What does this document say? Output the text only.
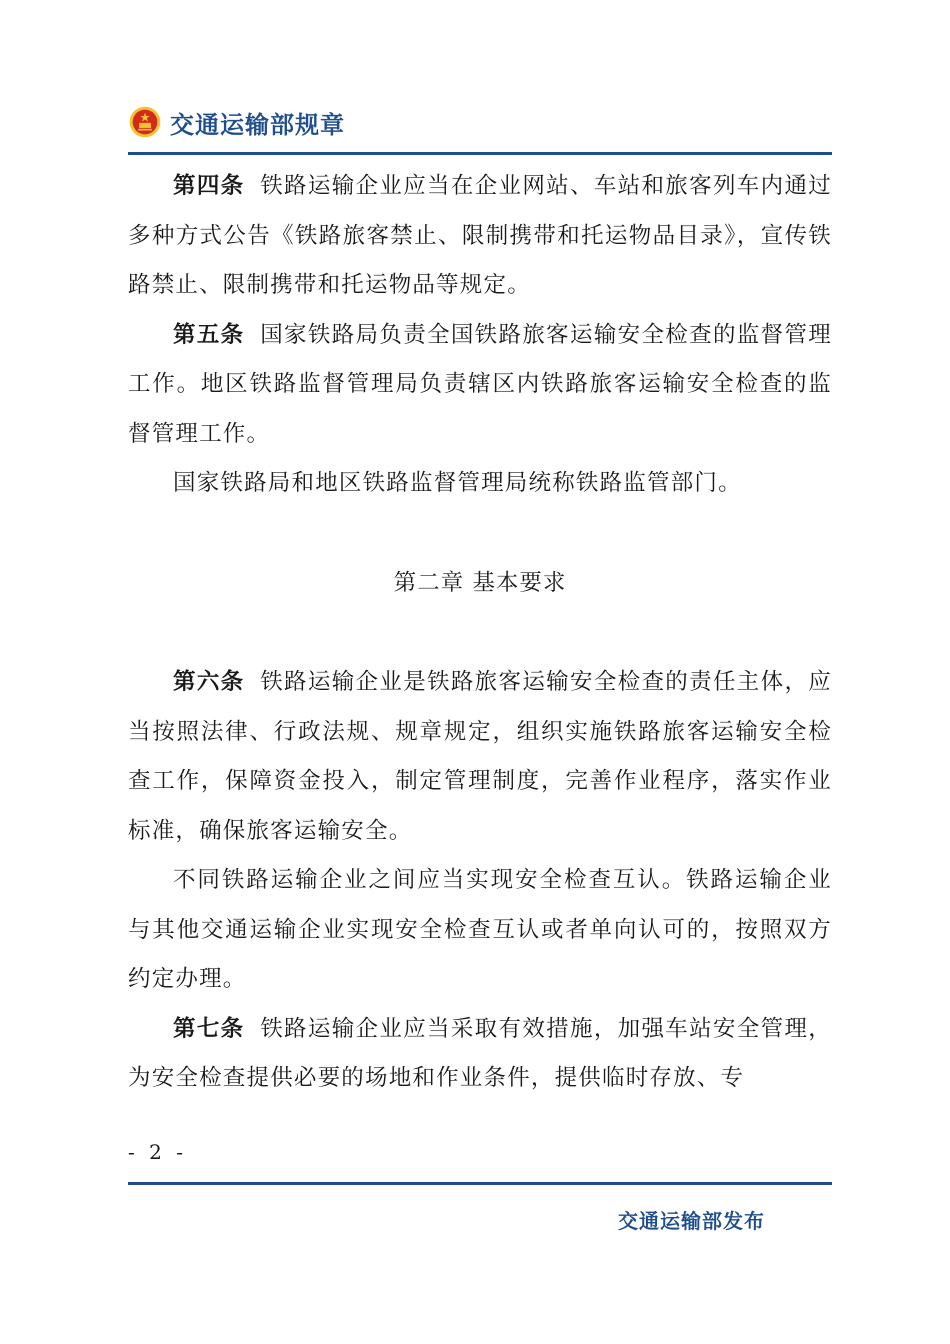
交通运输部规章

第四条 铁路运输企业应当在企业网站、车站和旅客列车内通过多种方式公告《铁路旅客禁止、限制携带和托运物品目录》，宣传铁路禁止、限制携带和托运物品等规定。

第五条 国家铁路局负责全国铁路旅客运输安全检查的监督管理工作。地区铁路监督管理局负责辖区内铁路旅客运输安全检查的监督管理工作。

国家铁路局和地区铁路监督管理局统称铁路监管部门。

第二章 基本要求

第六条 铁路运输企业是铁路旅客运输安全检查的责任主体，应当按照法律、行政法规、规章规定，组织实施铁路旅客运输安全检查工作，保障资金投入，制定管理制度，完善作业程序，落实作业标准，确保旅客运输安全。

不同铁路运输企业之间应当实现安全检查互认。铁路运输企业与其他交通运输企业实现安全检查互认或者单向认可的，按照双方约定办理。

第七条 铁路运输企业应当采取有效措施，加强车站安全管理，为安全检查提供必要的场地和作业条件，提供临时存放、专

- 2 -
交通运输部发布
